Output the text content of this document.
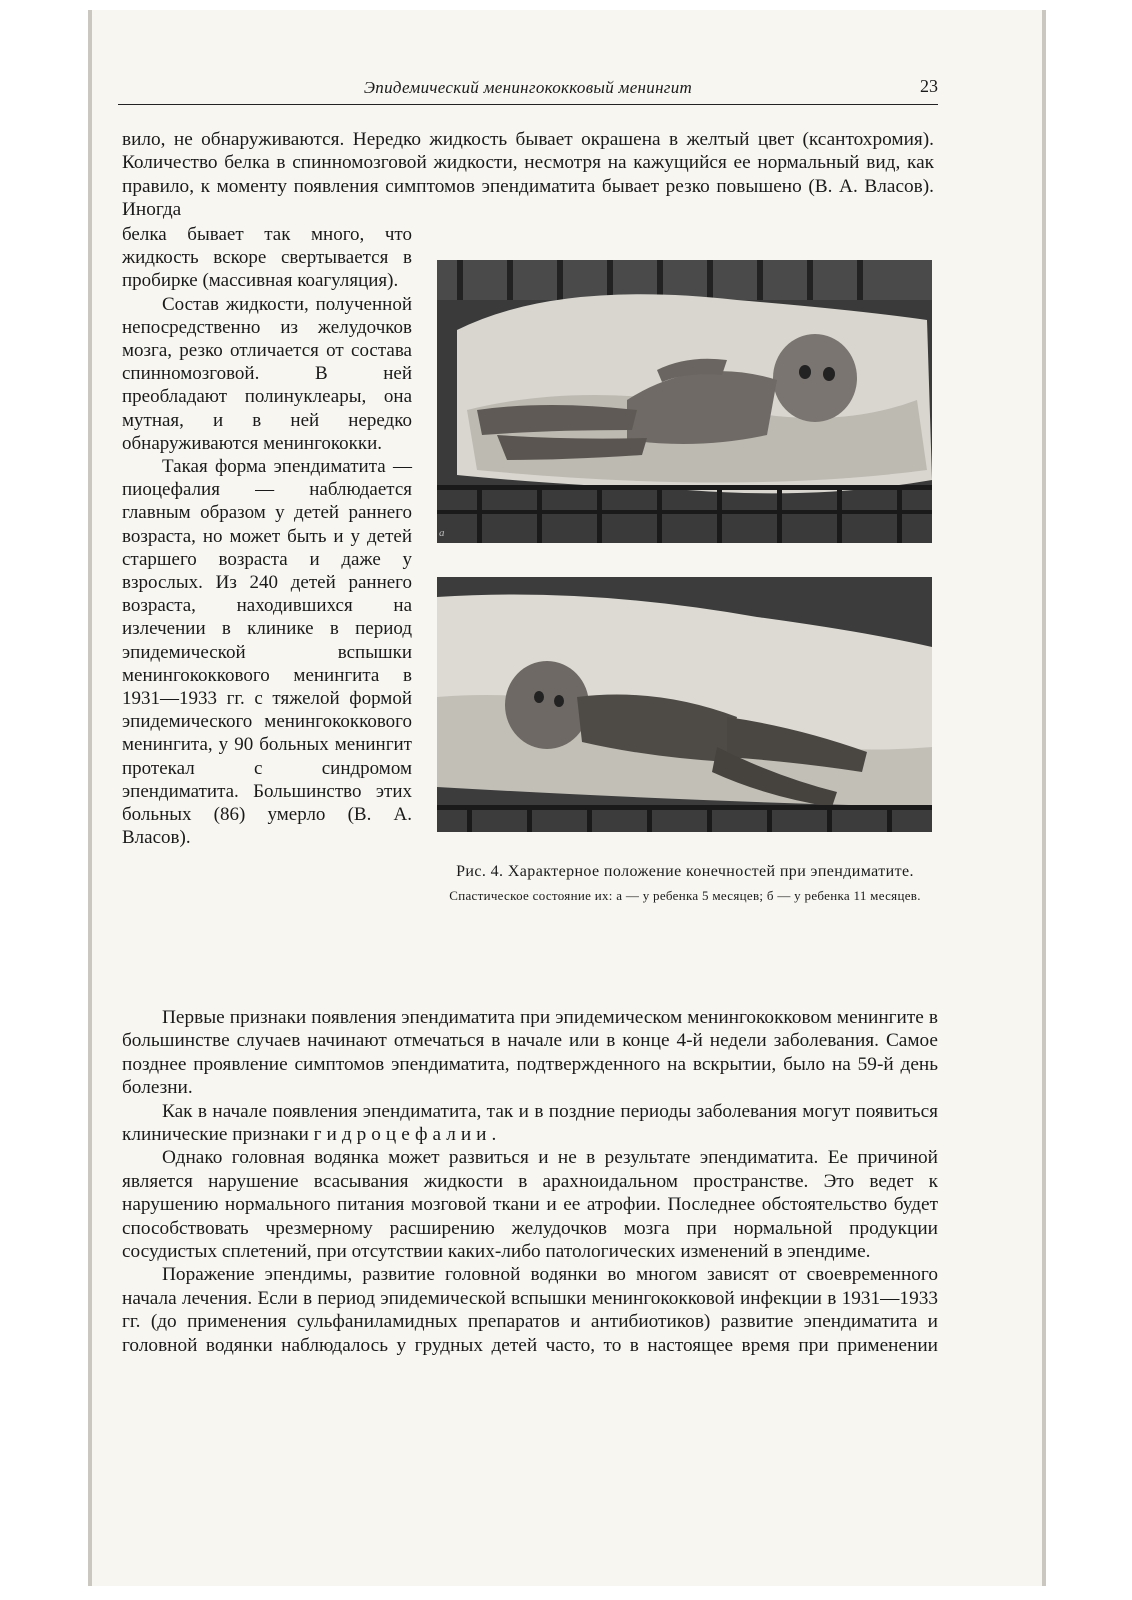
Эпидемический менингококковый менингит	23

вило, не обнаруживаются. Нередко жидкость бывает окрашена в желтый цвет (ксантохромия). Количество белка в спинномозговой жидкости, несмотря на кажущийся ее нормальный вид, как правило, к моменту появления симптомов эпендиматита бывает резко повышено (В. А. Власов). Иногда

белка бывает так много, что жидкость вскоре свертывается в пробирке (массивная коагуляция).

Состав жидкости, полученной непосредственно из желудочков мозга, резко отличается от состава спинномозговой. В ней преобладают полинуклеары, она мутная, и в ней нередко обнаруживаются менингококки.

Такая форма эпендиматита — пиоцефалия — наблюдается главным образом у детей раннего возраста, но может быть и у детей старшего возраста и даже у взрослых. Из 240 детей раннего возраста, находившихся на излечении в клинике в период эпидемической вспышки менингококкового менингита в 1931—1933 гг. с тяжелой формой эпидемического менингококкового менингита, у 90 больных менингит протекал с синдромом эпендиматита. Большинство этих больных (86) умерло (В. А. Власов).

а
Рис. 4. Характерное положение конечностей при эпендиматите.
Спастическое состояние их: а — у ребенка 5 месяцев; б — у ребенка 11 месяцев.

Первые признаки появления эпендиматита при эпидемическом менингококковом менингите в большинстве случаев начинают отмечаться в начале или в конце 4-й недели заболевания. Самое позднее проявление симптомов эпендиматита, подтвержденного на вскрытии, было на 59-й день болезни.

Как в начале появления эпендиматита, так и в поздние периоды заболевания могут появиться клинические признаки гидроцефалии.

Однако головная водянка может развиться и не в результате эпендиматита. Ее причиной является нарушение всасывания жидкости в арахноидальном пространстве. Это ведет к нарушению нормального питания мозговой ткани и ее атрофии. Последнее обстоятельство будет способствовать чрезмерному расширению желудочков мозга при нормальной продукции сосудистых сплетений, при отсутствии каких-либо патологических изменений в эпендиме.

Поражение эпендимы, развитие головной водянки во многом зависят от своевременного начала лечения. Если в период эпидемической вспышки менингококковой инфекции в 1931—1933 гг. (до применения сульфаниламидных препаратов и антибиотиков) развитие эпендиматита и головной водянки наблюдалось у грудных детей часто, то в настоящее время при применении
